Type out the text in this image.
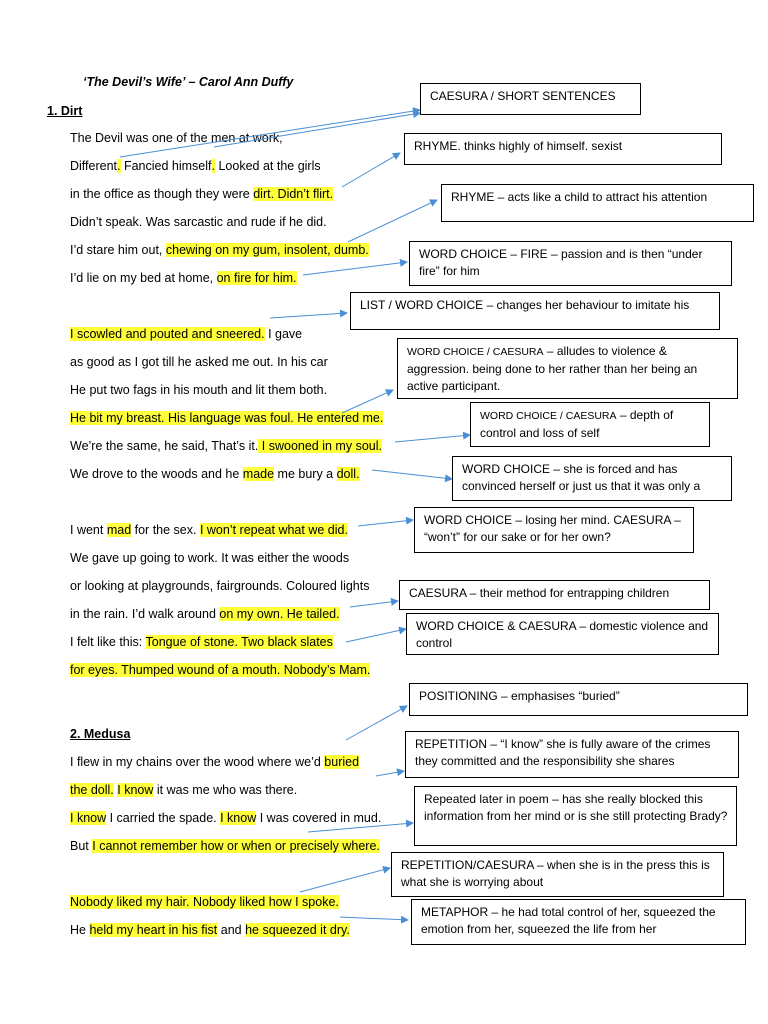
‘The Devil’s Wife’ – Carol Ann Duffy
1. Dirt
2. Medusa
The Devil was one of the men at work,
Different. Fancied himself. Looked at the girls
in the office as though they were dirt. Didn’t flirt.
Didn’t speak. Was sarcastic and rude if he did.
I’d stare him out, chewing on my gum, insolent, dumb.
I’d lie on my bed at home, on fire for him.
I scowled and pouted and sneered. I gave
as good as I got till he asked me out. In his car
He put two fags in his mouth and lit them both.
He bit my breast. His language was foul. He entered me.
We’re the same, he said, That’s it. I swooned in my soul.
We drove to the woods and he made me bury a doll.
I went mad for the sex. I won’t repeat what we did.
We gave up going to work. It was either the woods
or looking at playgrounds, fairgrounds. Coloured lights
in the rain. I’d walk around on my own. He tailed.
I felt like this: Tongue of stone. Two black slates
for eyes. Thumped wound of a mouth. Nobody’s Mam.
I flew in my chains over the wood where we’d buried
the doll. I know it was me who was there.
I know I carried the spade. I know I was covered in mud.
But I cannot remember how or when or precisely where.
Nobody liked my hair. Nobody liked how I spoke.
He held my heart in his fist and he squeezed it dry.
CAESURA / SHORT SENTENCES
RHYME. thinks highly of himself. sexist
RHYME – acts like a child to attract his attention
WORD CHOICE – FIRE – passion and is then “under fire” for him
LIST / WORD CHOICE – changes her behaviour to imitate his
WORD CHOICE / CAESURA – alludes to violence & aggression. being done to her rather than her being an active participant.
WORD CHOICE / CAESURA – depth of control and loss of self
WORD CHOICE – she is forced and has convinced herself or just us that it was only a
WORD CHOICE – losing her mind. CAESURA – “won’t” for our sake or for her own?
CAESURA – their method for entrapping children
WORD CHOICE & CAESURA – domestic violence and control
POSITIONING – emphasises “buried”
REPETITION – “I know” she is fully aware of the crimes they committed and the responsibility she shares
Repeated later in poem – has she really blocked this information from her mind or is she still protecting Brady?
REPETITION/CAESURA – when she is in the press this is what she is worrying about
METAPHOR – he had total control of her, squeezed the emotion from her, squeezed the life from her
